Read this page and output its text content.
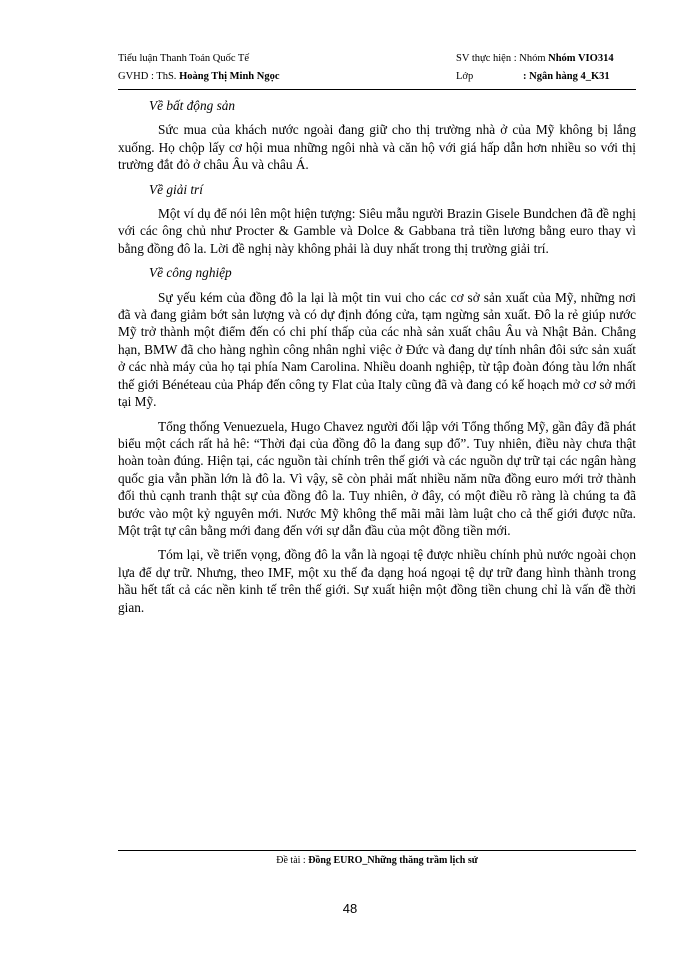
Tiểu luận Thanh Toán Quốc Tế	SV thực hiện : Nhóm Nhóm VIO314
GVHD : ThS. Hoàng Thị Minh Ngọc	Lớp	: Ngân hàng 4_K31

Về bất động sản

Sức mua của khách nước ngoài đang giữ cho thị trường nhà ở của Mỹ không bị lắng xuống. Họ chộp lấy cơ hội mua những ngôi nhà và căn hộ với giá hấp dẫn hơn nhiều so với thị trường đắt đỏ ở châu Âu và châu Á.

Về giải trí

Một ví dụ để nói lên một hiện tượng: Siêu mẫu người Brazin Gisele Bundchen đã đề nghị với các ông chủ như Procter & Gamble và Dolce & Gabbana trả tiền lương bằng euro thay vì bằng đồng đô la. Lời đề nghị này không phải là duy nhất trong thị trường giải trí.

Về công nghiệp

Sự yếu kém của đồng đô la lại là một tin vui cho các cơ sở sản xuất của Mỹ, những nơi đã và đang giảm bớt sản lượng và có dự định đóng cửa, tạm ngừng sản xuất. Đô la rẻ giúp nước Mỹ trở thành một điểm đến có chi phí thấp của các nhà sản xuất châu Âu và Nhật Bản. Chẳng hạn, BMW đã cho hàng nghìn công nhân nghỉ việc ở Đức và đang dự tính nhân đôi sức sản xuất ở các nhà máy của họ tại phía Nam Carolina. Nhiều doanh nghiệp, từ tập đoàn đóng tàu lớn nhất thế giới Bénéteau của Pháp đến công ty Flat của Italy cũng đã và đang có kế hoạch mở cơ sở mới tại Mỹ.

Tổng thống Venuezuela, Hugo Chavez người đối lập với Tổng thống Mỹ, gần đây đã phát biểu một cách rất hả hê: “Thời đại của đồng đô la đang sụp đổ”. Tuy nhiên, điều này chưa thật hoàn toàn đúng. Hiện tại, các nguồn tài chính trên thế giới và các nguồn dự trữ tại các ngân hàng quốc gia vẫn phần lớn là đô la. Vì vậy, sẽ còn phải mất nhiều năm nữa đồng euro mới trở thành đối thủ cạnh tranh thật sự của đồng đô la. Tuy nhiên, ở đây, có một điều rõ ràng là chúng ta đã bước vào một kỷ nguyên mới. Nước Mỹ không thể mãi mãi làm luật cho cả thế giới được nữa. Một trật tự cân bằng mới đang đến với sự dẫn đầu của một đồng tiền mới.

Tóm lại, về triển vọng, đồng đô la vẫn là ngoại tệ được nhiều chính phủ nước ngoài chọn lựa để dự trữ. Nhưng, theo IMF, một xu thế đa dạng hoá ngoại tệ dự trữ đang hình thành trong hầu hết tất cả các nền kinh tế trên thế giới. Sự xuất hiện một đồng tiền chung chỉ là vấn đề thời gian.

Đề tài : Đồng EURO_Những thăng trầm lịch sử
48
